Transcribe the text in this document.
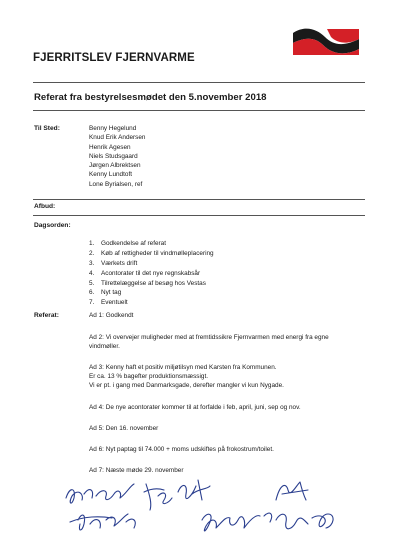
FJERRITSLEV FJERNVARME
Referat fra bestyrelsesmødet den 5.november 2018
Til Sted:	Benny Hegelund
Knud Erik Andersen
Henrik Agesen
Niels Studsgaard
Jørgen Albrektsen
Kenny Lundtoft
Lone Byrialsen, ref
Afbud:
Dagsorden:
1. Godkendelse af referat
2. Køb af rettigheder til vindmølleplacering
3. Værkets drift
4. Acontorater til det nye regnskabsår
5. Tilrettelæggelse af besøg hos Vestas
6. Nyt tag
7. Eventuelt
Referat:	Ad 1: Godkendt
Ad 2: Vi overvejer muligheder med at fremtidssikre Fjernvarmen med energi fra egne
vindmøller.
Ad 3: Kenny haft et positiv miljøtilsyn med Karsten fra Kommunen.
Er ca. 13 % bagefter produktionsmæssigt.
Vi er pt. i gang med Danmarksgade, derefter mangler vi kun Nygade.
Ad 4: De nye acontorater kommer til at forfalde i feb, april, juni, sep og nov.
Ad 5: Den 16. november
Ad 6: Nyt paptag til 74.000 + moms udskiftes på frokostrum/toilet.
Ad 7: Næste møde 29. november
